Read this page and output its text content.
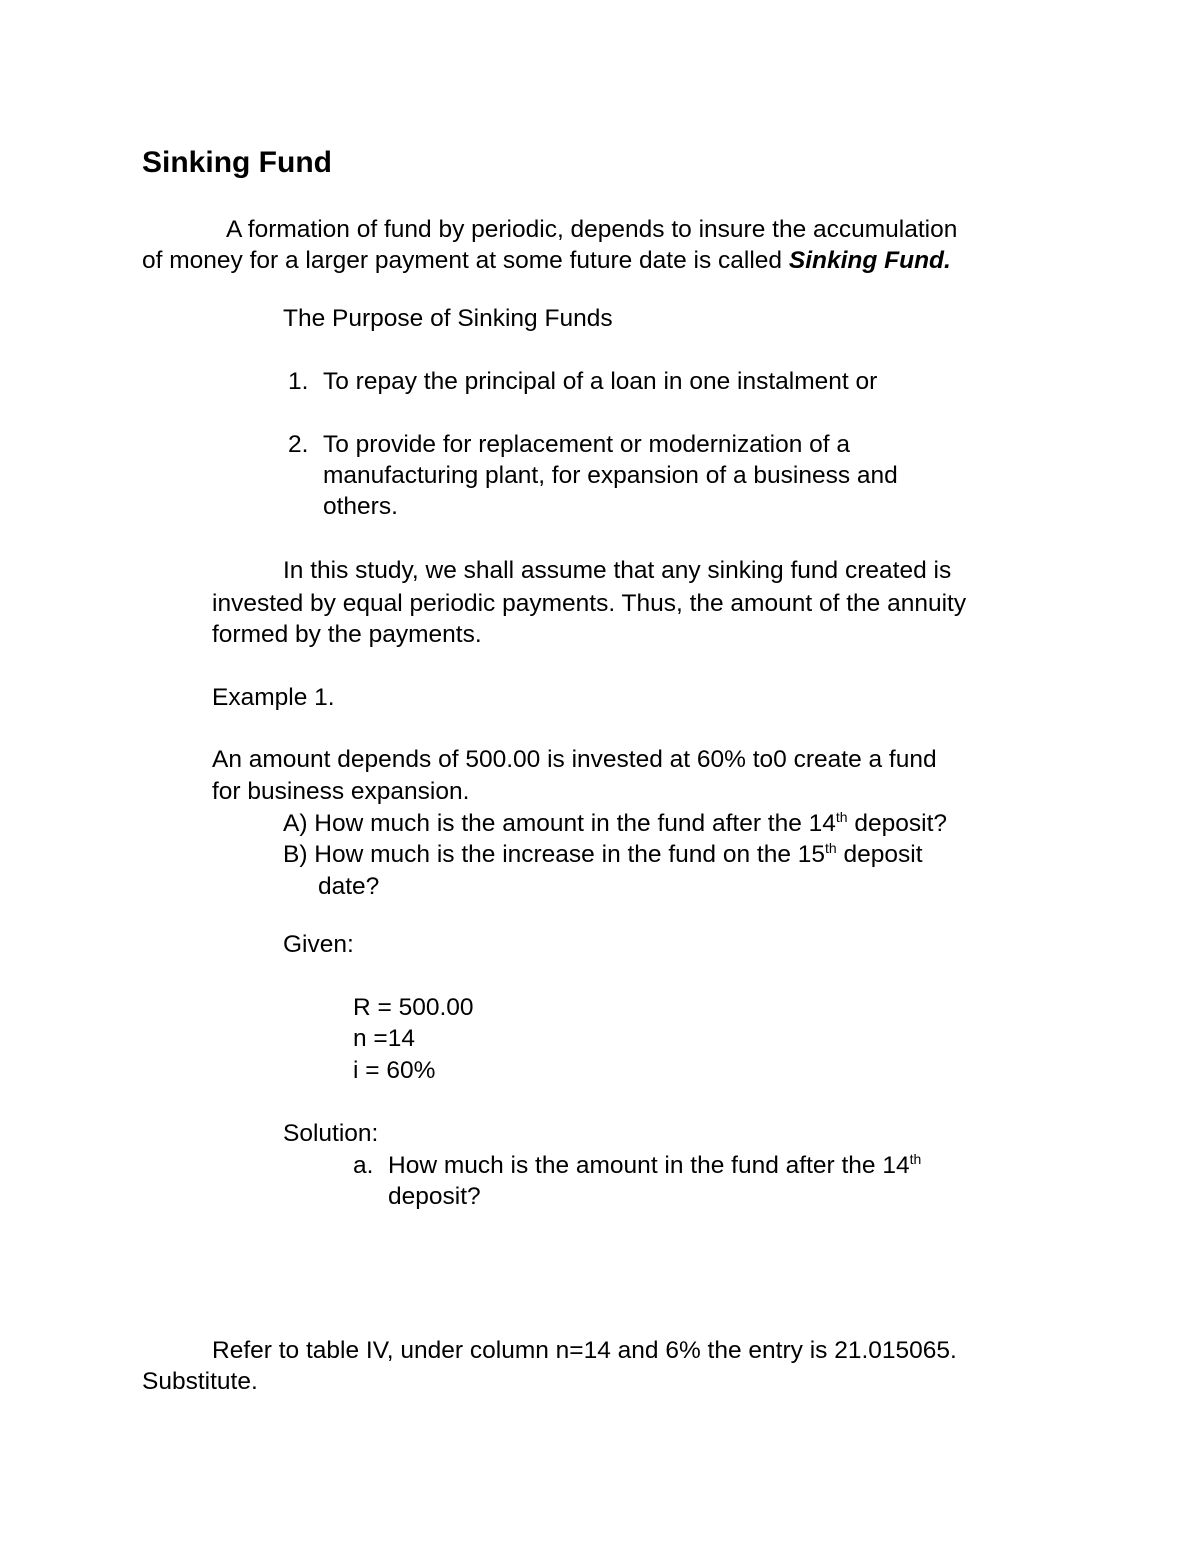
Sinking Fund
A formation of fund by periodic, depends to insure the accumulation
of money for a larger payment at some future date is called Sinking Fund.
The Purpose of Sinking Funds
1. To repay the principal of a loan in one instalment or
2. To provide for replacement or modernization of a
manufacturing plant, for expansion of a business and
others.
In this study, we shall assume that any sinking fund created is
invested by equal periodic payments. Thus, the amount of the annuity
formed by the payments.
Example 1.
An amount depends of 500.00 is invested at 60% to0 create a fund
for business expansion.
A) How much is the amount in the fund after the 14th deposit?
B) How much is the increase in the fund on the 15th deposit
date?
Given:
R = 500.00
n =14
i = 60%
Solution:
a. How much is the amount in the fund after the 14th
deposit?
Refer to table IV, under column n=14 and 6% the entry is 21.015065.
Substitute.
